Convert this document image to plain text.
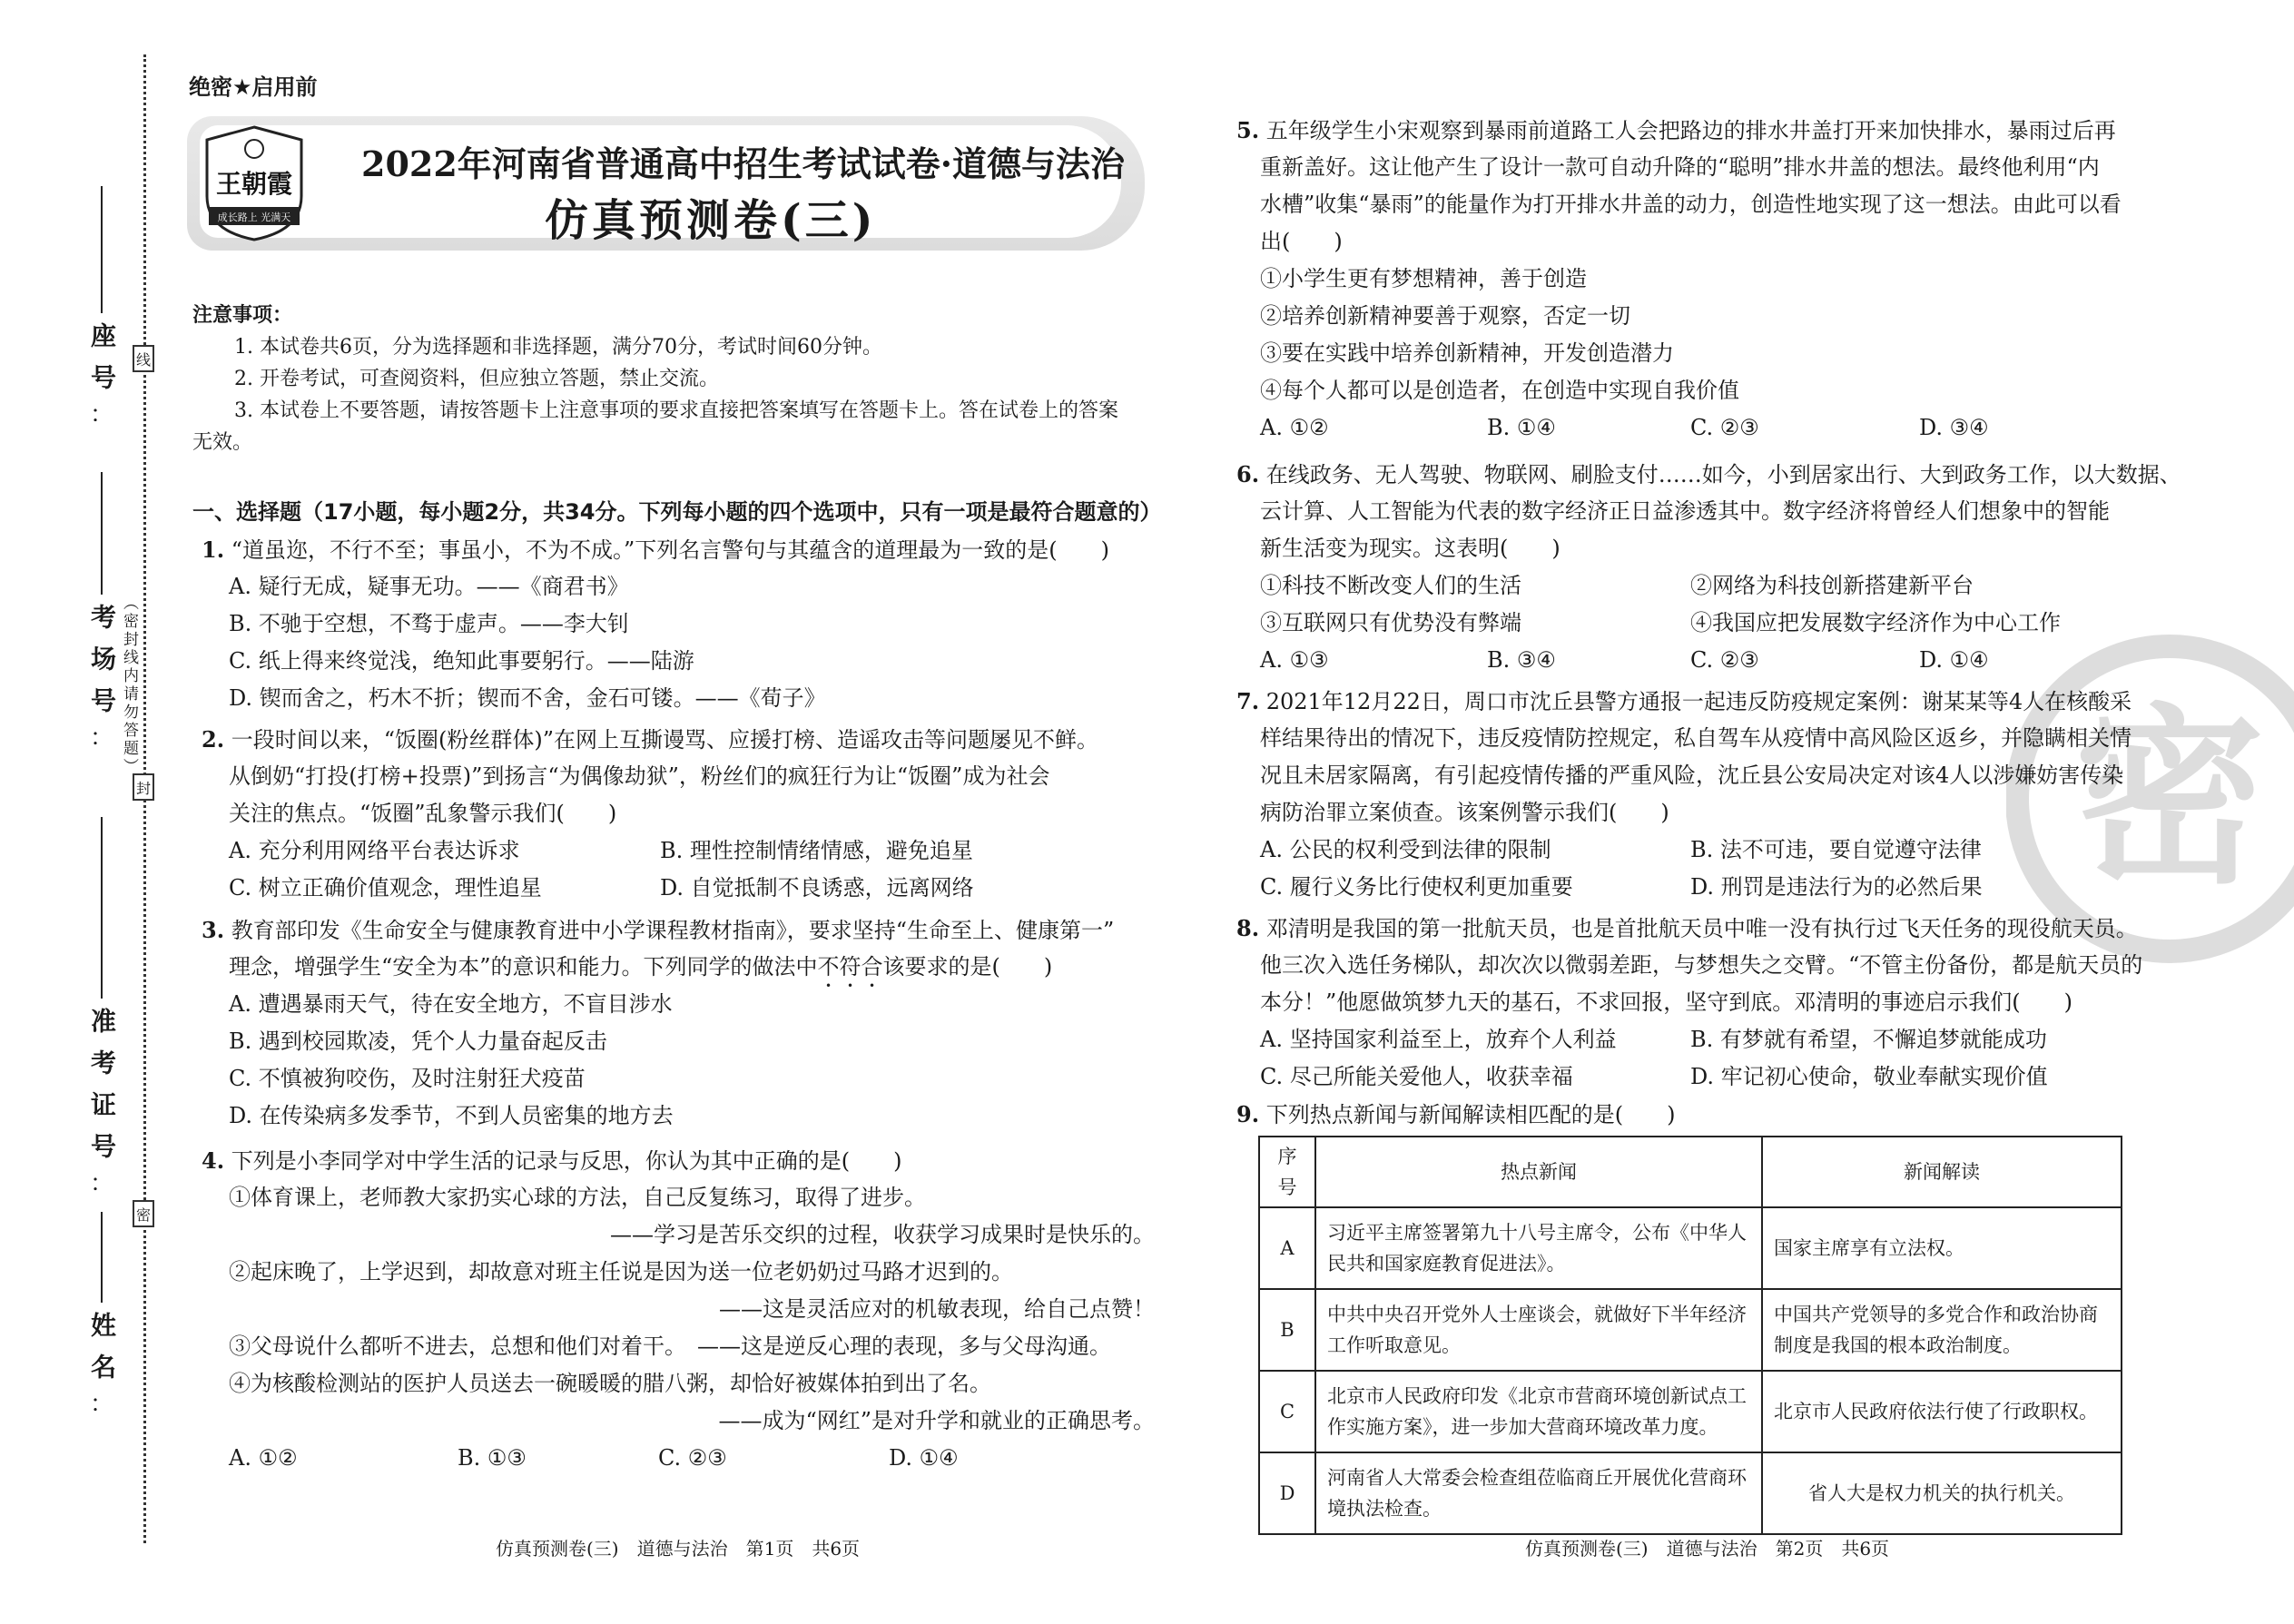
座号
：
考场号
：
准考证号
：
姓名
：
线
封
密
（密封线内请勿答题）
绝密★启用前
王朝霞
成长路上 光满天
2022年河南省普通高中招生考试试卷·道德与法治
仿真预测卷(三)
注意事项：
1. 本试卷共6页，分为选择题和非选择题，满分70分，考试时间60分钟。
2. 开卷考试，可查阅资料，但应独立答题，禁止交流。
3. 本试卷上不要答题，请按答题卡上注意事项的要求直接把答案填写在答题卡上。答在试卷上的答案
无效。
一、选择题（17小题，每小题2分，共34分。下列每小题的四个选项中，只有一项是最符合题意的）
1. “道虽迩，不行不至；事虽小，不为不成。”下列名言警句与其蕴含的道理最为一致的是(　　)
A. 疑行无成，疑事无功。——《商君书》
B. 不驰于空想，不骛于虚声。——李大钊
C. 纸上得来终觉浅，绝知此事要躬行。——陆游
D. 锲而舍之，朽木不折；锲而不舍，金石可镂。——《荀子》
2. 一段时间以来，“饭圈(粉丝群体)”在网上互撕谩骂、应援打榜、造谣攻击等问题屡见不鲜。
从倒奶“打投(打榜+投票)”到扬言“为偶像劫狱”，粉丝们的疯狂行为让“饭圈”成为社会
关注的焦点。“饭圈”乱象警示我们(　　)
A. 充分利用网络平台表达诉求	B. 理性控制情绪情感，避免追星
C. 树立正确价值观念，理性追星	D. 自觉抵制不良诱惑，远离网络
3. 教育部印发《生命安全与健康教育进中小学课程教材指南》，要求坚持“生命至上、健康第一”
理念，增强学生“安全为本”的意识和能力。下列同学的做法中不符合该要求的是(　　)
A. 遭遇暴雨天气，待在安全地方，不盲目涉水
B. 遇到校园欺凌，凭个人力量奋起反击
C. 不慎被狗咬伤，及时注射狂犬疫苗
D. 在传染病多发季节，不到人员密集的地方去
4. 下列是小李同学对中学生活的记录与反思，你认为其中正确的是(　　)
①体育课上，老师教大家扔实心球的方法，自己反复练习，取得了进步。
——学习是苦乐交织的过程，收获学习成果时是快乐的。
②起床晚了，上学迟到，却故意对班主任说是因为送一位老奶奶过马路才迟到的。
——这是灵活应对的机敏表现，给自己点赞！
③父母说什么都听不进去，总想和他们对着干。　——这是逆反心理的表现，多与父母沟通。
④为核酸检测站的医护人员送去一碗暖暖的腊八粥，却恰好被媒体拍到出了名。
——成为“网红”是对升学和就业的正确思考。
A. ①②	B. ①③	C. ②③	D. ①④
5. 五年级学生小宋观察到暴雨前道路工人会把路边的排水井盖打开来加快排水，暴雨过后再
重新盖好。这让他产生了设计一款可自动升降的“聪明”排水井盖的想法。最终他利用“内
水槽”收集“暴雨”的能量作为打开排水井盖的动力，创造性地实现了这一想法。由此可以看
出(　　)
①小学生更有梦想精神，善于创造
②培养创新精神要善于观察，否定一切
③要在实践中培养创新精神，开发创造潜力
④每个人都可以是创造者，在创造中实现自我价值
A. ①②	B. ①④	C. ②③	D. ③④
6. 在线政务、无人驾驶、物联网、刷脸支付……如今，小到居家出行、大到政务工作，以大数据、
云计算、人工智能为代表的数字经济正日益渗透其中。数字经济将曾经人们想象中的智能
新生活变为现实。这表明(　　)
①科技不断改变人们的生活	②网络为科技创新搭建新平台
③互联网只有优势没有弊端	④我国应把发展数字经济作为中心工作
A. ①③	B. ③④	C. ②③	D. ①④
7. 2021年12月22日，周口市沈丘县警方通报一起违反防疫规定案例：谢某某等4人在核酸采
样结果待出的情况下，违反疫情防控规定，私自驾车从疫情中高风险区返乡，并隐瞒相关情
况且未居家隔离，有引起疫情传播的严重风险，沈丘县公安局决定对该4人以涉嫌妨害传染
病防治罪立案侦查。该案例警示我们(　　)
A. 公民的权利受到法律的限制	B. 法不可违，要自觉遵守法律
C. 履行义务比行使权利更加重要	D. 刑罚是违法行为的必然后果
8. 邓清明是我国的第一批航天员，也是首批航天员中唯一没有执行过飞天任务的现役航天员。
他三次入选任务梯队，却次次以微弱差距，与梦想失之交臂。“不管主份备份，都是航天员的
本分！”他愿做筑梦九天的基石，不求回报，坚守到底。邓清明的事迹启示我们(　　)
A. 坚持国家利益至上，放弃个人利益	B. 有梦就有希望，不懈追梦就能成功
C. 尽己所能关爱他人，收获幸福	D. 牢记初心使命，敬业奉献实现价值
9. 下列热点新闻与新闻解读相匹配的是(　　)
序号	热点新闻	新闻解读
A	习近平主席签署第九十八号主席令，公布《中华人民共和国家庭教育促进法》。	国家主席享有立法权。
B	中共中央召开党外人士座谈会，就做好下半年经济工作听取意见。	中国共产党领导的多党合作和政治协商制度是我国的根本政治制度。
C	北京市人民政府印发《北京市营商环境创新试点工作实施方案》，进一步加大营商环境改革力度。	北京市人民政府依法行使了行政职权。
D	河南省人大常委会检查组莅临商丘开展优化营商环境执法检查。	省人大是权力机关的执行机关。
密
仿真预测卷(三)　道德与法治　第1页　共6页	仿真预测卷(三)　道德与法治　第2页　共6页
